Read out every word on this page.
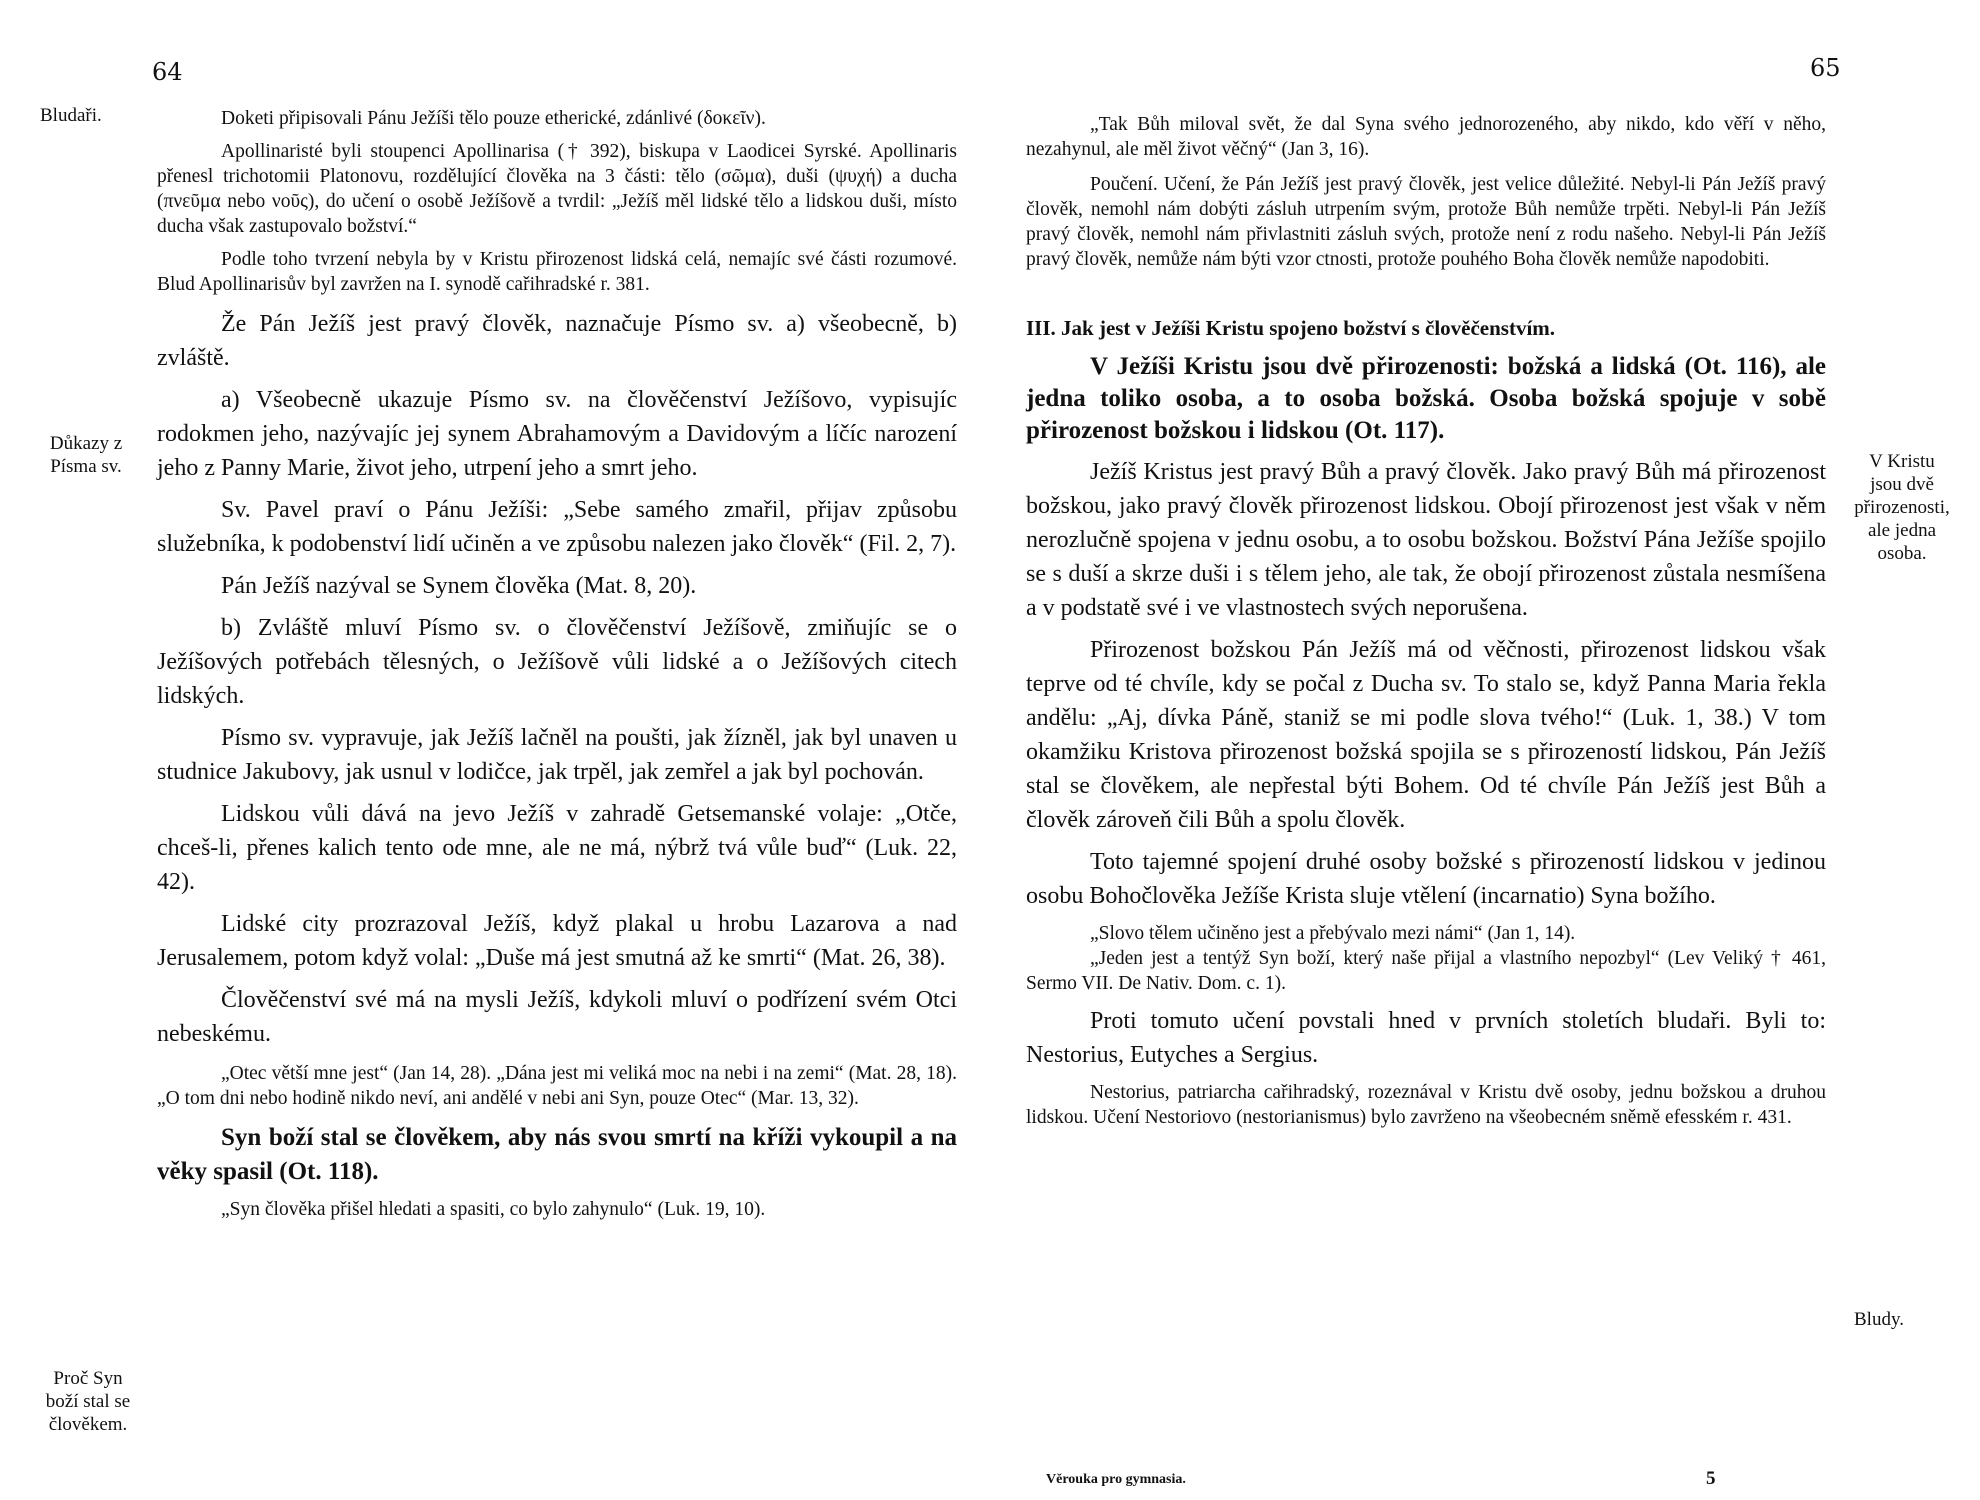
64
Bludaři.
Důkazy z
Písma sv.
Proč Syn
boží stal se
člověkem.

Doketi připisovali Pánu Ježíši tělo pouze etherické, zdánlivé (δοκεῖν).

Apollinaristé byli stoupenci Apollinarisa († 392), biskupa v Laodicei Syrské. Apollinaris přenesl trichotomii Platonovu, rozdělující člověka na 3 části: tělo (σῶμα), duši (ψυχή) a ducha (πνεῦμα nebo νοῦς), do učení o osobě Ježíšově a tvrdil: „Ježíš měl lidské tělo a lidskou duši, místo ducha však zastupovalo božství.“

Podle toho tvrzení nebyla by v Kristu přirozenost lidská celá, nemajíc své části rozumové. Blud Apollinarisův byl zavržen na I. synodě cařihradské r. 381.

Že Pán Ježíš jest pravý člověk, naznačuje Písmo sv. a) všeobecně, b) zvláště.

a) Všeobecně ukazuje Písmo sv. na člověčenství Ježíšovo, vypisujíc rodokmen jeho, nazývajíc jej synem Abrahamovým a Davidovým a líčíc narození jeho z Panny Marie, život jeho, utrpení jeho a smrt jeho.

Sv. Pavel praví o Pánu Ježíši: „Sebe samého zmařil, přijav způsobu služebníka, k podobenství lidí učiněn a ve způsobu nalezen jako člověk“ (Fil. 2, 7).

Pán Ježíš nazýval se Synem člověka (Mat. 8, 20).

b) Zvláště mluví Písmo sv. o člověčenství Ježíšově, zmiňujíc se o Ježíšových potřebách tělesných, o Ježíšově vůli lidské a o Ježíšových citech lidských.

Písmo sv. vypravuje, jak Ježíš lačněl na poušti, jak žízněl, jak byl unaven u studnice Jakubovy, jak usnul v lodičce, jak trpěl, jak zemřel a jak byl pochován.

Lidskou vůli dává na jevo Ježíš v zahradě Getsemanské volaje: „Otče, chceš-li, přenes kalich tento ode mne, ale ne má, nýbrž tvá vůle buď“ (Luk. 22, 42).

Lidské city prozrazoval Ježíš, když plakal u hrobu Lazarova a nad Jerusalemem, potom když volal: „Duše má jest smutná až ke smrti“ (Mat. 26, 38).

Člověčenství své má na mysli Ježíš, kdykoli mluví o podřízení svém Otci nebeskému.

„Otec větší mne jest“ (Jan 14, 28). „Dána jest mi veliká moc na nebi i na zemi“ (Mat. 28, 18). „O tom dni nebo hodině nikdo neví, ani andělé v nebi ani Syn, pouze Otec“ (Mar. 13, 32).

Syn boží stal se člověkem, aby nás svou smrtí na kříži vykoupil a na věky spasil (Ot. 118).

„Syn člověka přišel hledati a spasiti, co bylo zahynulo“ (Luk. 19, 10).

65
V Kristu
jsou dvě
přirozenosti,
ale jedna
osoba.
Bludy.

„Tak Bůh miloval svět, že dal Syna svého jednorozeného, aby nikdo, kdo věří v něho, nezahynul, ale měl život věčný“ (Jan 3, 16).

Poučení. Učení, že Pán Ježíš jest pravý člověk, jest velice důležité. Nebyl-li Pán Ježíš pravý člověk, nemohl nám dobýti zásluh utrpením svým, protože Bůh nemůže trpěti. Nebyl-li Pán Ježíš pravý člověk, nemohl nám přivlastniti zásluh svých, protože není z rodu našeho. Nebyl-li Pán Ježíš pravý člověk, nemůže nám býti vzor ctnosti, protože pouhého Boha člověk nemůže napodobiti.

III. Jak jest v Ježíši Kristu spojeno božství s člověčenstvím.

V Ježíši Kristu jsou dvě přirozenosti: božská a lidská (Ot. 116), ale jedna toliko osoba, a to osoba božská. Osoba božská spojuje v sobě přirozenost božskou i lidskou (Ot. 117).

Ježíš Kristus jest pravý Bůh a pravý člověk. Jako pravý Bůh má přirozenost božskou, jako pravý člověk přirozenost lidskou. Obojí přirozenost jest však v něm nerozlučně spojena v jednu osobu, a to osobu božskou. Božství Pána Ježíše spojilo se s duší a skrze duši i s tělem jeho, ale tak, že obojí přirozenost zůstala nesmíšena a v podstatě své i ve vlastnostech svých neporušena.

Přirozenost božskou Pán Ježíš má od věčnosti, přirozenost lidskou však teprve od té chvíle, kdy se počal z Ducha sv. To stalo se, když Panna Maria řekla andělu: „Aj, dívka Páně, staniž se mi podle slova tvého!“ (Luk. 1, 38.) V tom okamžiku Kristova přirozenost božská spojila se s přirozeností lidskou, Pán Ježíš stal se člověkem, ale nepřestal býti Bohem. Od té chvíle Pán Ježíš jest Bůh a člověk zároveň čili Bůh a spolu člověk.

Toto tajemné spojení druhé osoby božské s přirozeností lidskou v jedinou osobu Bohočlověka Ježíše Krista sluje vtělení (incarnatio) Syna božího.

„Slovo tělem učiněno jest a přebývalo mezi námi“ (Jan 1, 14).

„Jeden jest a tentýž Syn boží, který naše přijal a vlastního nepozbyl“ (Lev Veliký † 461, Sermo VII. De Nativ. Dom. c. 1).

Proti tomuto učení povstali hned v prvních stoletích bludaři. Byli to: Nestorius, Eutyches a Sergius.

Nestorius, patriarcha cařihradský, rozeznával v Kristu dvě osoby, jednu božskou a druhou lidskou. Učení Nestoriovo (nestorianismus) bylo zavrženo na všeobecném sněmě efesském r. 431.

Věrouka pro gymnasia.	5
